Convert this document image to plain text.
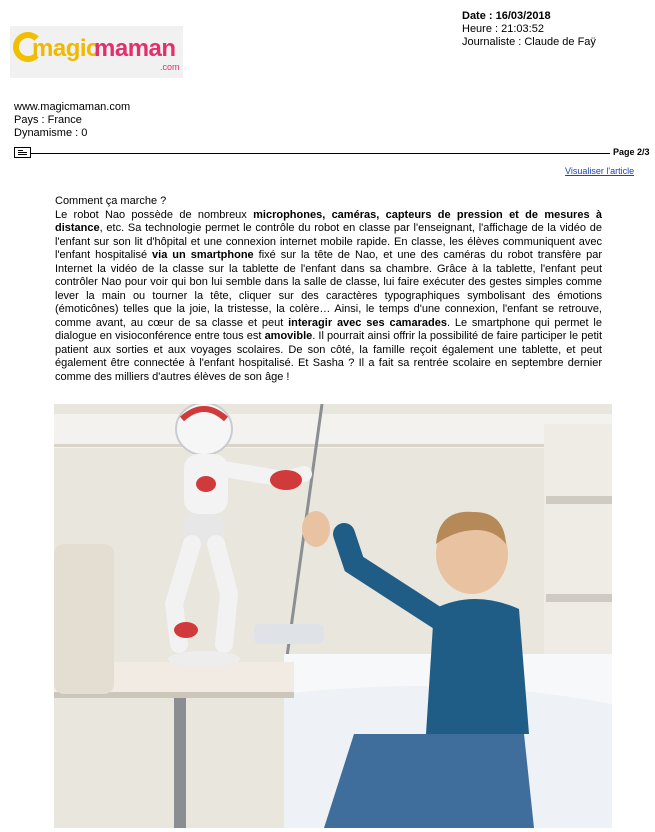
magic
maman
.com
Date : 16/03/2018
Heure : 21:03:52
Journaliste : Claude de Faÿ
www.magicmaman.com
Pays : France
Dynamisme : 0
Page 2/3
Visualiser l'article

Comment ça marche ?

Le robot Nao possède de nombreux microphones, caméras, capteurs de pression et de mesures à distance, etc. Sa technologie permet le contrôle du robot en classe par l'enseignant, l'affichage de la vidéo de l'enfant sur son lit d'hôpital et une connexion internet mobile rapide. En classe, les élèves communiquent avec l'enfant hospitalisé via un smartphone fixé sur la tête de Nao, et une des caméras du robot transfère par Internet la vidéo de la classe sur la tablette de l'enfant dans sa chambre. Grâce à la tablette, l'enfant peut contrôler Nao pour voir qui bon lui semble dans la salle de classe, lui faire exécuter des gestes simples comme lever la main ou tourner la tête, cliquer sur des caractères typographiques symbolisant des émotions (émoticônes) telles que la joie, la tristesse, la colère… Ainsi, le temps d'une connexion, l'enfant se retrouve, comme avant, au cœur de sa classe et peut interagir avec ses camarades. Le smartphone qui permet le dialogue en visioconférence entre tous est amovible. Il pourrait ainsi offrir la possibilité de faire participer le petit patient aux sorties et aux voyages scolaires. De son côté, la famille reçoit également une tablette, et peut également être connectée à l'enfant hospitalisé. Et Sasha ? Il a fait sa rentrée scolaire en septembre dernier comme des milliers d'autres élèves de son âge !
